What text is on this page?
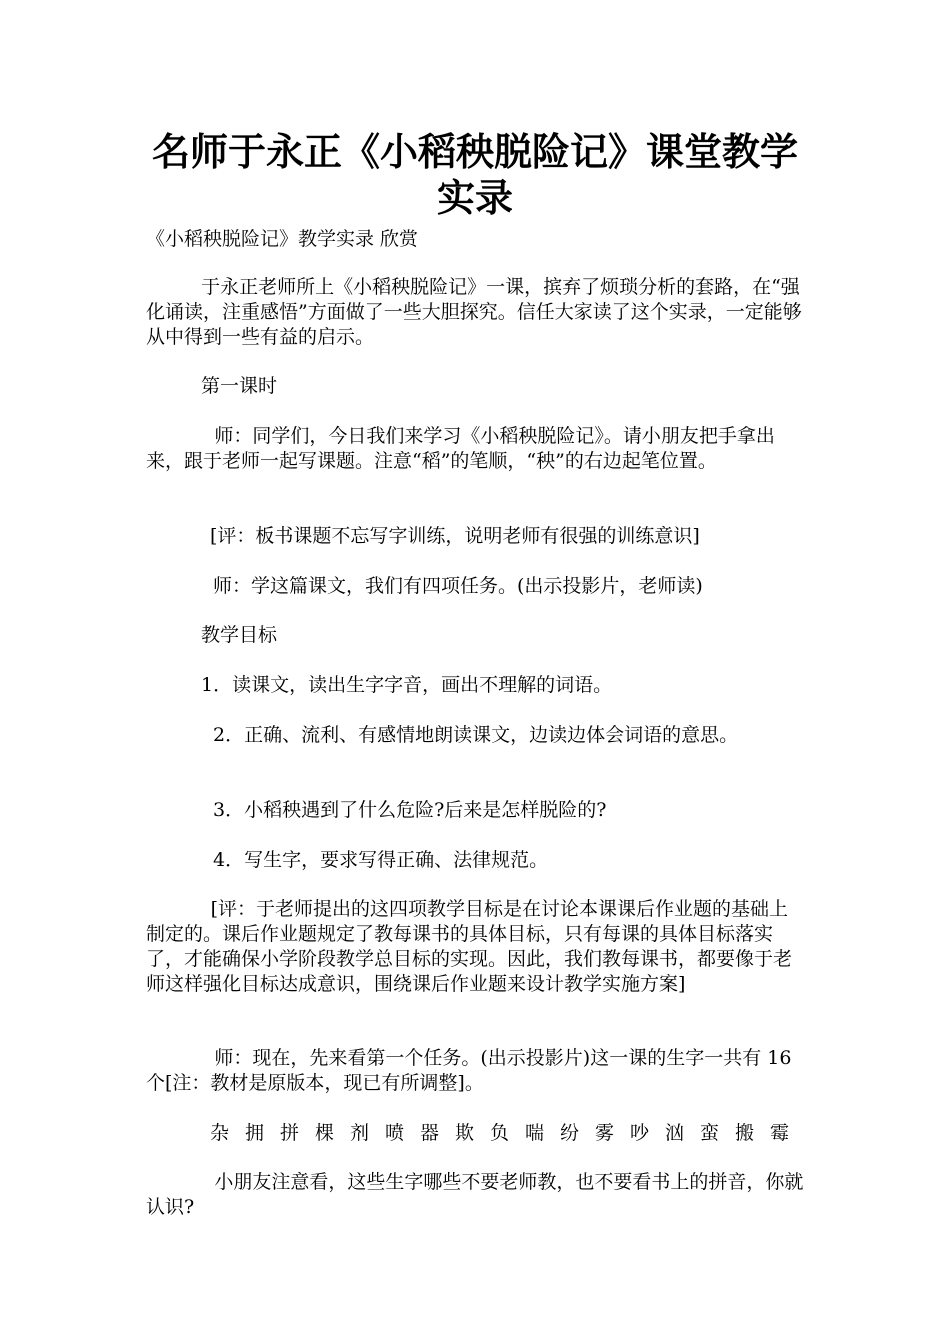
名师于永正《小稻秧脱险记》课堂教学
实录

《小稻秧脱险记》教学实录 欣赏

于永正老师所上《小稻秧脱险记》一课，摈弃了烦琐分析的套路，在“强化诵读，注重感悟”方面做了一些大胆探究。信任大家读了这个实录，一定能够从中得到一些有益的启示。

第一课时

师：同学们，今日我们来学习《小稻秧脱险记》。请小朋友把手拿出来，跟于老师一起写课题。注意“稻”的笔顺，“秧”的右边起笔位置。

[评：板书课题不忘写字训练，说明老师有很强的训练意识]

师：学这篇课文，我们有四项任务。(出示投影片，老师读)

教学目标

1．读课文，读出生字字音，画出不理解的词语。

2．正确、流利、有感情地朗读课文，边读边体会词语的意思。

3．小稻秧遇到了什么危险?后来是怎样脱险的?

4．写生字，要求写得正确、法律规范。

[评：于老师提出的这四项教学目标是在讨论本课课后作业题的基础上制定的。课后作业题规定了教每课书的具体目标，只有每课的具体目标落实了，才能确保小学阶段教学总目标的实现。因此，我们教每课书，都要像于老师这样强化目标达成意识，围绕课后作业题来设计教学实施方案]

师：现在，先来看第一个任务。(出示投影片)这一课的生字一共有 16 个[注：教材是原版本，现已有所调整]。

杂 拥 拼 棵 剂 喷 器 欺 负 喘 纷 雾 吵 汹 蛮 搬 霉

小朋友注意看，这些生字哪些不要老师教，也不要看书上的拼音，你就认识?
